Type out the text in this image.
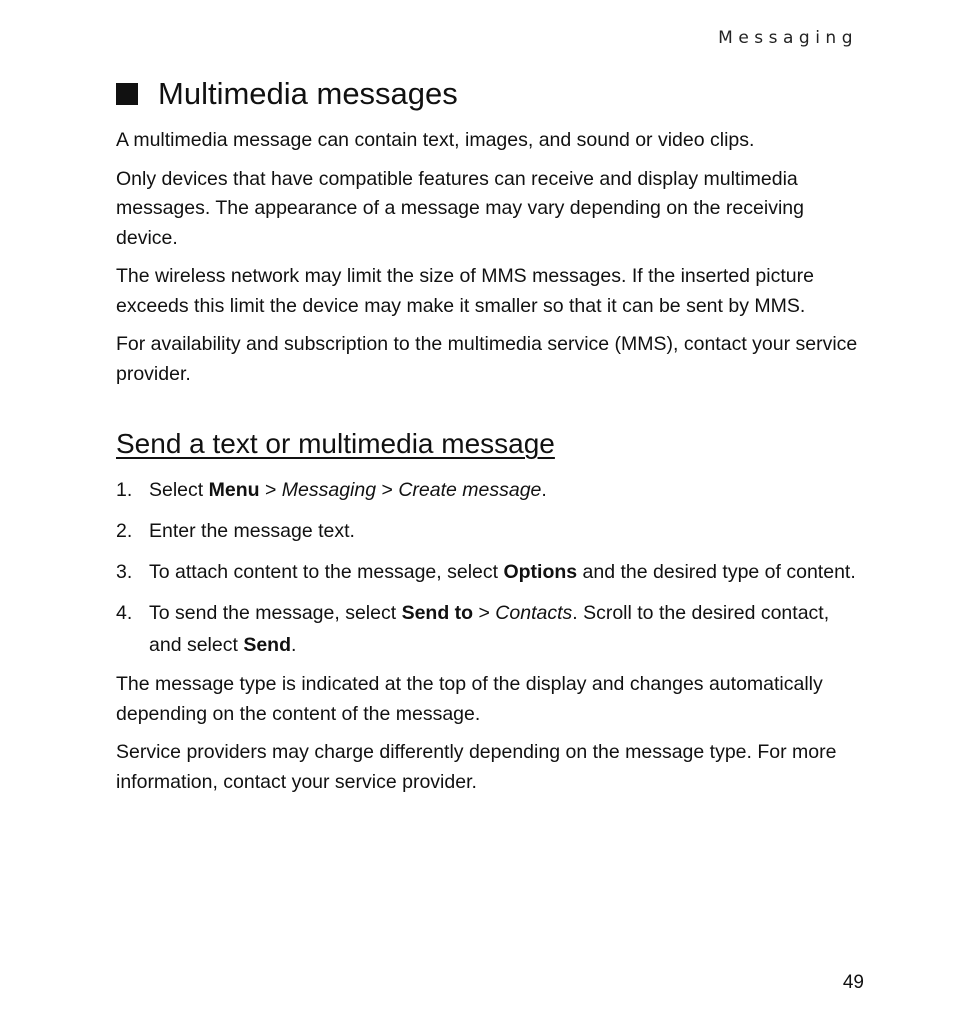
Messaging
Multimedia messages

A multimedia message can contain text, images, and sound or video clips.

Only devices that have compatible features can receive and display multimedia messages. The appearance of a message may vary depending on the receiving device.

The wireless network may limit the size of MMS messages. If the inserted picture exceeds this limit the device may make it smaller so that it can be sent by MMS.

For availability and subscription to the multimedia service (MMS), contact your service provider.

Send a text or multimedia message
1. Select Menu > Messaging > Create message.
2. Enter the message text.
3. To attach content to the message, select Options and the desired type of content.
4. To send the message, select Send to > Contacts. Scroll to the desired contact, and select Send.

The message type is indicated at the top of the display and changes automatically depending on the content of the message.

Service providers may charge differently depending on the message type. For more information, contact your service provider.

49
